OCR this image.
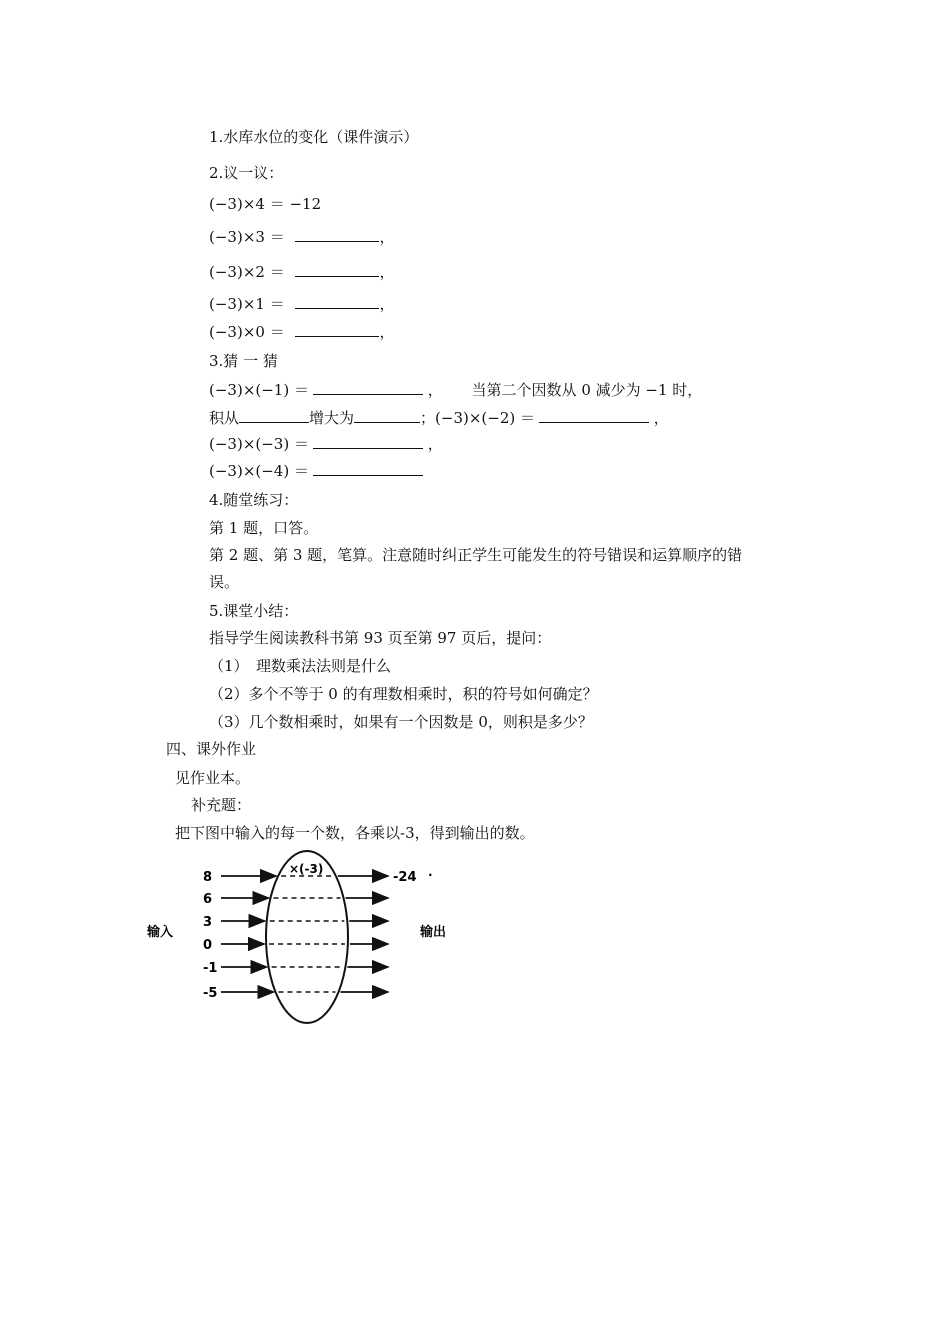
1.水库水位的变化（课件演示）
2.议一议：
(−3)×4 ＝ −12
(−3)×3 ＝	，
(−3)×2 ＝	，
(−3)×1 ＝	，
(−3)×0 ＝	，
3.猜 一 猜
(−3)×(−1) ＝	， 当第二个因数从 0 减少为 −1 时，
积从	增大为	；(−3)×(−2) ＝	，
(−3)×(−3) ＝	，
(−3)×(−4) ＝
4.随堂练习：
第 1 题，口答。
第 2 题、第 3 题，笔算。注意随时纠正学生可能发生的符号错误和运算顺序的错
误。
5.课堂小结：
指导学生阅读教科书第 93 页至第 97 页后，提问：
（1）　理数乘法法则是什么
（2）多个不等于 0 的有理数相乘时，积的符号如何确定？
（3）几个数相乘时，如果有一个因数是 0，则积是多少？
四、课外作业
见作业本。
补充题：
把下图中输入的每一个数，各乘以-3，得到输出的数。
输入	输出
×(-3)
8
6
3
0
-1
-5
-24 ·
